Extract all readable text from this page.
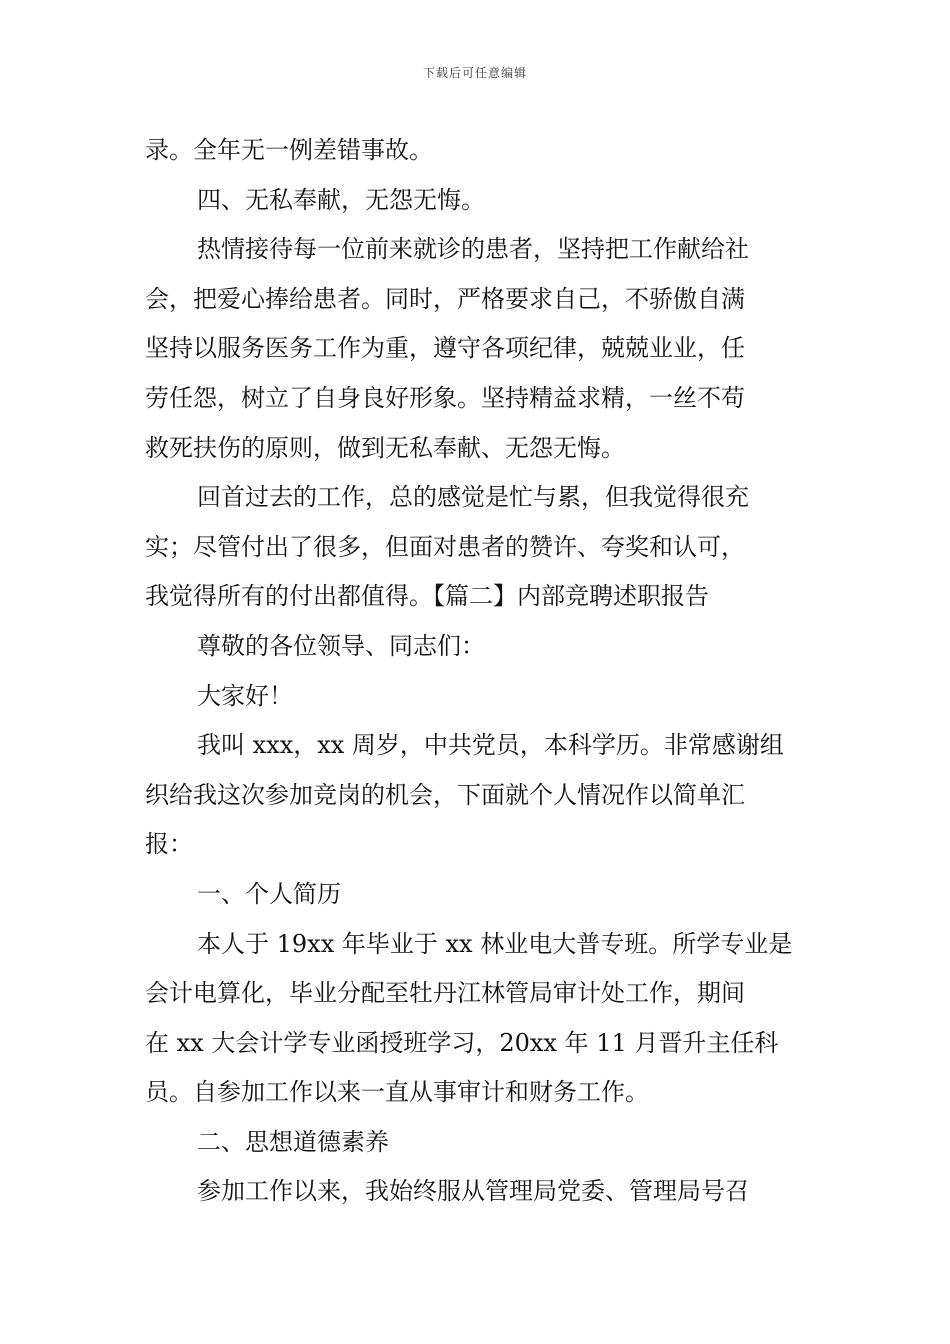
下载后可任意编辑
录。全年无一例差错事故。
四、无私奉献，无怨无悔。
热情接待每一位前来就诊的患者，坚持把工作献给社
会，把爱心捧给患者。同时，严格要求自己，不骄傲自满
坚持以服务医务工作为重，遵守各项纪律，兢兢业业，任
劳任怨，树立了自身良好形象。坚持精益求精，一丝不苟
救死扶伤的原则，做到无私奉献、无怨无悔。
回首过去的工作，总的感觉是忙与累，但我觉得很充
实；尽管付出了很多，但面对患者的赞许、夸奖和认可，
我觉得所有的付出都值得。【篇二】内部竞聘述职报告
尊敬的各位领导、同志们：
大家好！
我叫 xxx，xx 周岁，中共党员，本科学历。非常感谢组
织给我这次参加竞岗的机会，下面就个人情况作以简单汇
报：
一、个人简历
本人于 19xx 年毕业于 xx 林业电大普专班。所学专业是
会计电算化，毕业分配至牡丹江林管局审计处工作，期间
在 xx 大会计学专业函授班学习，20xx 年 11 月晋升主任科
员。自参加工作以来一直从事审计和财务工作。
二、思想道德素养
参加工作以来，我始终服从管理局党委、管理局号召
